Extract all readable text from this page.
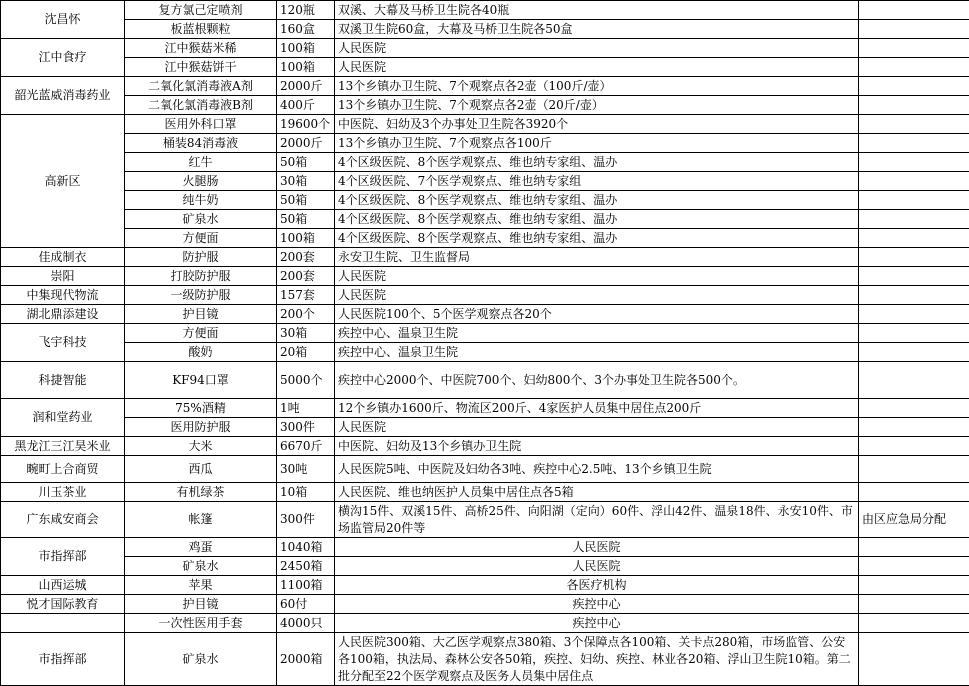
沈昌怀	复方氯己定喷剂	120瓶	双溪、大幕及马桥卫生院各40瓶	
	板蓝根颗粒	160盒	双溪卫生院60盒，大幕及马桥卫生院各50盒	
江中食疗	江中猴菇米稀	100箱	人民医院	
	江中猴菇饼干	100箱	人民医院	
韶光蓝威消毒药业	二氧化氯消毒液A剂	2000斤	13个乡镇办卫生院、7个观察点各2壶（100斤/壶）	
	二氧化氯消毒液B剂	400斤	13个乡镇办卫生院、7个观察点各2壶（20斤/壶）	
高新区	医用外科口罩	19600个	中医院、妇幼及3个办事处卫生院各3920个	
	桶装84消毒液	2000斤	13个乡镇办卫生院、7个观察点各100斤	
	红牛	50箱	4个区级医院、8个医学观察点、维也纳专家组、温办	
	火腿肠	30箱	4个区级医院、7个医学观察点、维也纳专家组	
	纯牛奶	50箱	4个区级医院、8个医学观察点、维也纳专家组、温办	
	矿泉水	50箱	4个区级医院、8个医学观察点、维也纳专家组、温办	
	方便面	100箱	4个区级医院、8个医学观察点、维也纳专家组、温办	
佳成制衣	防护服	200套	永安卫生院、卫生监督局	
崇阳	打胶防护服	200套	人民医院	
中集现代物流	一级防护服	157套	人民医院	
湖北鼎添建设	护目镜	200个	人民医院100个、5个医学观察点各20个	
飞宇科技	方便面	30箱	疾控中心、温泉卫生院	
	酸奶	20箱	疾控中心、温泉卫生院	
科捷智能	KF94口罩	5000个	疾控中心2000个、中医院700个、妇幼800个、3个办事处卫生院各500个。	
润和堂药业	75%酒精	1吨	12个乡镇办1600斤、物流区200斤、4家医护人员集中居住点200斤	
	医用防护服	300件	人民医院	
黑龙江三江昊米业	大米	6670斤	中医院、妇幼及13个乡镇办卫生院	
畹町上合商贸	西瓜	30吨	人民医院5吨、中医院及妇幼各3吨、疾控中心2.5吨、13个乡镇卫生院	
川玉茶业	有机绿茶	10箱	人民医院、维也纳医护人员集中居住点各5箱	
广东咸安商会	帐篷	300件	横沟15件、双溪15件、高桥25件、向阳湖（定向）60件、浮山42件、温泉18件、永安10件、市场监管局20件等	由区应急局分配
市指挥部	鸡蛋	1040箱	人民医院	
	矿泉水	2450箱	人民医院	
山西运城	苹果	1100箱	各医疗机构	
悦才国际教育	护目镜	60付	疾控中心	
	一次性医用手套	4000只	疾控中心	
市指挥部	矿泉水	2000箱	人民医院300箱、大乙医学观察点380箱、3个保障点各100箱、关卡点280箱，市场监管、公安各100箱，执法局、森林公安各50箱，疾控、妇幼、疾控、林业各20箱、浮山卫生院10箱。第二批分配至22个医学观察点及医务人员集中居住点	
